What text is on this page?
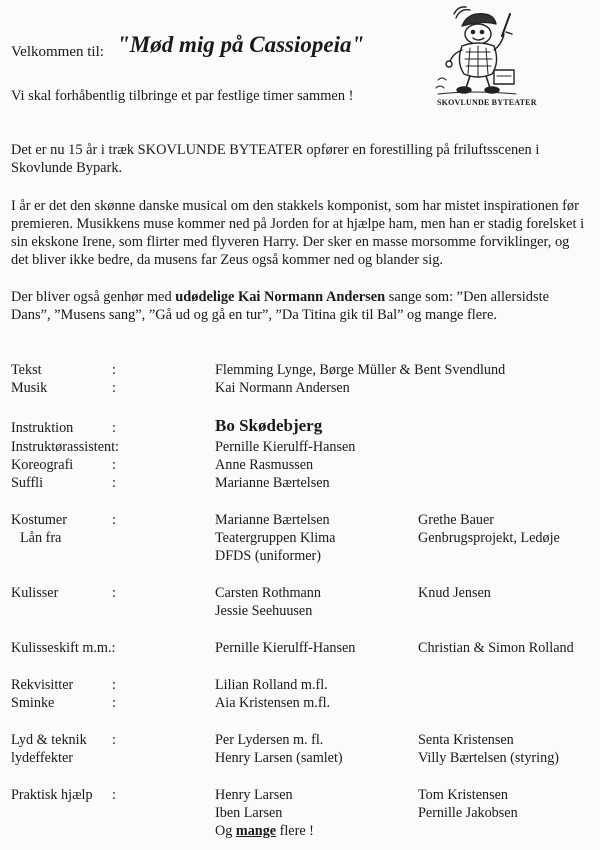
Velkommen til: "Mød mig på Cassiopeia"
SKOVLUNDE BYTEATER
Vi skal forhåbentlig tilbringe et par festlige timer sammen !
Det er nu 15 år i træk SKOVLUNDE BYTEATER opfører en forestilling på friluftsscenen i Skovlunde Bypark.
I år er det den skønne danske musical om den stakkels komponist, som har mistet inspirationen før premieren. Musikkens muse kommer ned på Jorden for at hjælpe ham, men han er stadig forelsket i sin ekskone Irene, som flirter med flyveren Harry. Der sker en masse morsomme forviklinger, og det bliver ikke bedre, da musens far Zeus også kommer ned og blander sig.
Der bliver også genhør med udødelige Kai Normann Andersen sange som: ”Den allersidste Dans”, ”Musens sang”, ”Gå ud og gå en tur”, ”Da Titina gik til Bal” og mange flere.
Tekst	:	Flemming Lynge, Børge Müller & Bent Svendlund
Musik	:	Kai Normann Andersen
Instruktion	:	Bo Skødebjerg
Instruktørassistent:	Pernille Kierulff-Hansen
Koreografi	:	Anne Rasmussen
Suffli	:	Marianne Bærtelsen
Kostumer	:	Marianne Bærtelsen	Grethe Bauer
Lån fra	Teatergruppen Klima	Genbrugsprojekt, Ledøje
DFDS (uniformer)
Kulisser	:	Carsten Rothmann	Knud Jensen
Jessie Seehuusen
Kulisseskift m.m.:	Pernille Kierulff-Hansen	Christian & Simon Rolland
Rekvisitter	:	Lilian Rolland m.fl.
Sminke	:	Aia Kristensen m.fl.
Lyd & teknik :	Per Lydersen m. fl.	Senta Kristensen
lydeffekter	Henry Larsen (samlet)	Villy Bærtelsen (styring)
Praktisk hjælp :	Henry Larsen	Tom Kristensen
Iben Larsen	Pernille Jakobsen
Og mange flere !
